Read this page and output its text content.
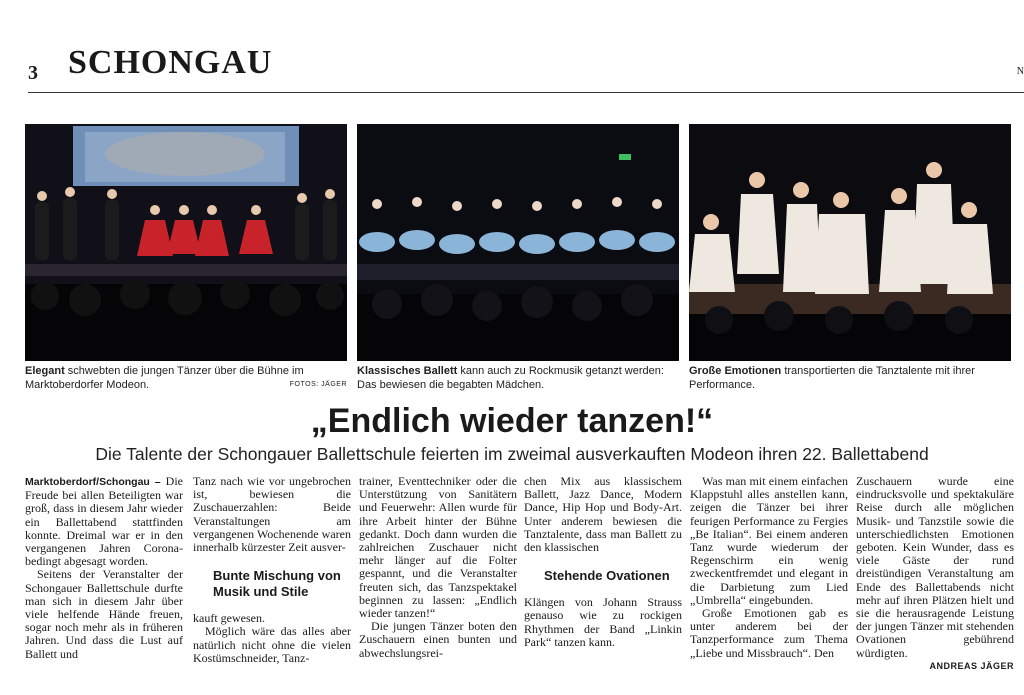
3 SCHONGAU	N
Elegant schwebten die jungen Tänzer über die Bühne im Marktoberdorfer Modeon.	FOTOS: JÄGER
Klassisches Ballett kann auch zu Rockmusik getanzt werden: Das bewiesen die begabten Mädchen.
Große Emotionen transportierten die Tanztalente mit ihrer Performance.
„Endlich wieder tanzen!“
Die Talente der Schongauer Ballettschule feierten im zweimal ausverkauften Modeon ihren 22. Ballettabend

Marktoberdorf/Schongau – Die Freude bei allen Beteiligten war groß, dass in diesem Jahr wieder ein Ballettabend stattfinden konnte. Dreimal war er in den vergangenen Jahren Corona-bedingt abgesagt worden.

Seitens der Veranstalter der Schongauer Ballettschule durfte man sich in diesem Jahr über viele helfende Hände freuen, sogar noch mehr als in früheren Jahren. Und dass die Lust auf Ballett und

Tanz nach wie vor ungebrochen ist, bewiesen die Zuschauerzahlen: Beide Veranstaltungen am vergangenen Wochenende waren innerhalb kürzester Zeit ausver-

Bunte Mischung von Musik und Stile

kauft gewesen.

Möglich wäre das alles aber natürlich nicht ohne die vielen Kostümschneider, Tanz-

trainer, Eventtechniker oder die Unterstützung von Sanitätern und Feuerwehr: Allen wurde für ihre Arbeit hinter der Bühne gedankt. Doch dann wurden die zahlreichen Zuschauer nicht mehr länger auf die Folter gespannt, und die Veranstalter freuten sich, das Tanzspektakel beginnen zu lassen: „Endlich wieder tanzen!“

Die jungen Tänzer boten den Zuschauern einen bunten und abwechslungsrei-

chen Mix aus klassischem Ballett, Jazz Dance, Modern Dance, Hip Hop und Body-Art. Unter anderem bewiesen die Tanztalente, dass man Ballett zu den klassischen

Stehende Ovationen

Klängen von Johann Strauss genauso wie zu rockigen Rhythmen der Band „Linkin Park“ tanzen kann.

Was man mit einem einfachen Klappstuhl alles anstellen kann, zeigen die Tänzer bei ihrer feurigen Performance zu Fergies „Be Italian“. Bei einem anderen Tanz wurde wiederum der Regenschirm ein wenig zweckentfremdet und elegant in die Darbietung zum Lied „Umbrella“ eingebunden.

Große Emotionen gab es unter anderem bei der Tanzperformance zum Thema „Liebe und Missbrauch“. Den

Zuschauern wurde eine eindrucksvolle und spektakuläre Reise durch alle möglichen Musik- und Tanzstile sowie die unterschiedlichsten Emotionen geboten. Kein Wunder, dass es viele Gäste der rund dreistündigen Veranstaltung am Ende des Ballettabends nicht mehr auf ihren Plätzen hielt und sie die herausragende Leistung der jungen Tänzer mit stehenden Ovationen gebührend würdigten.

ANDREAS JÄGER
